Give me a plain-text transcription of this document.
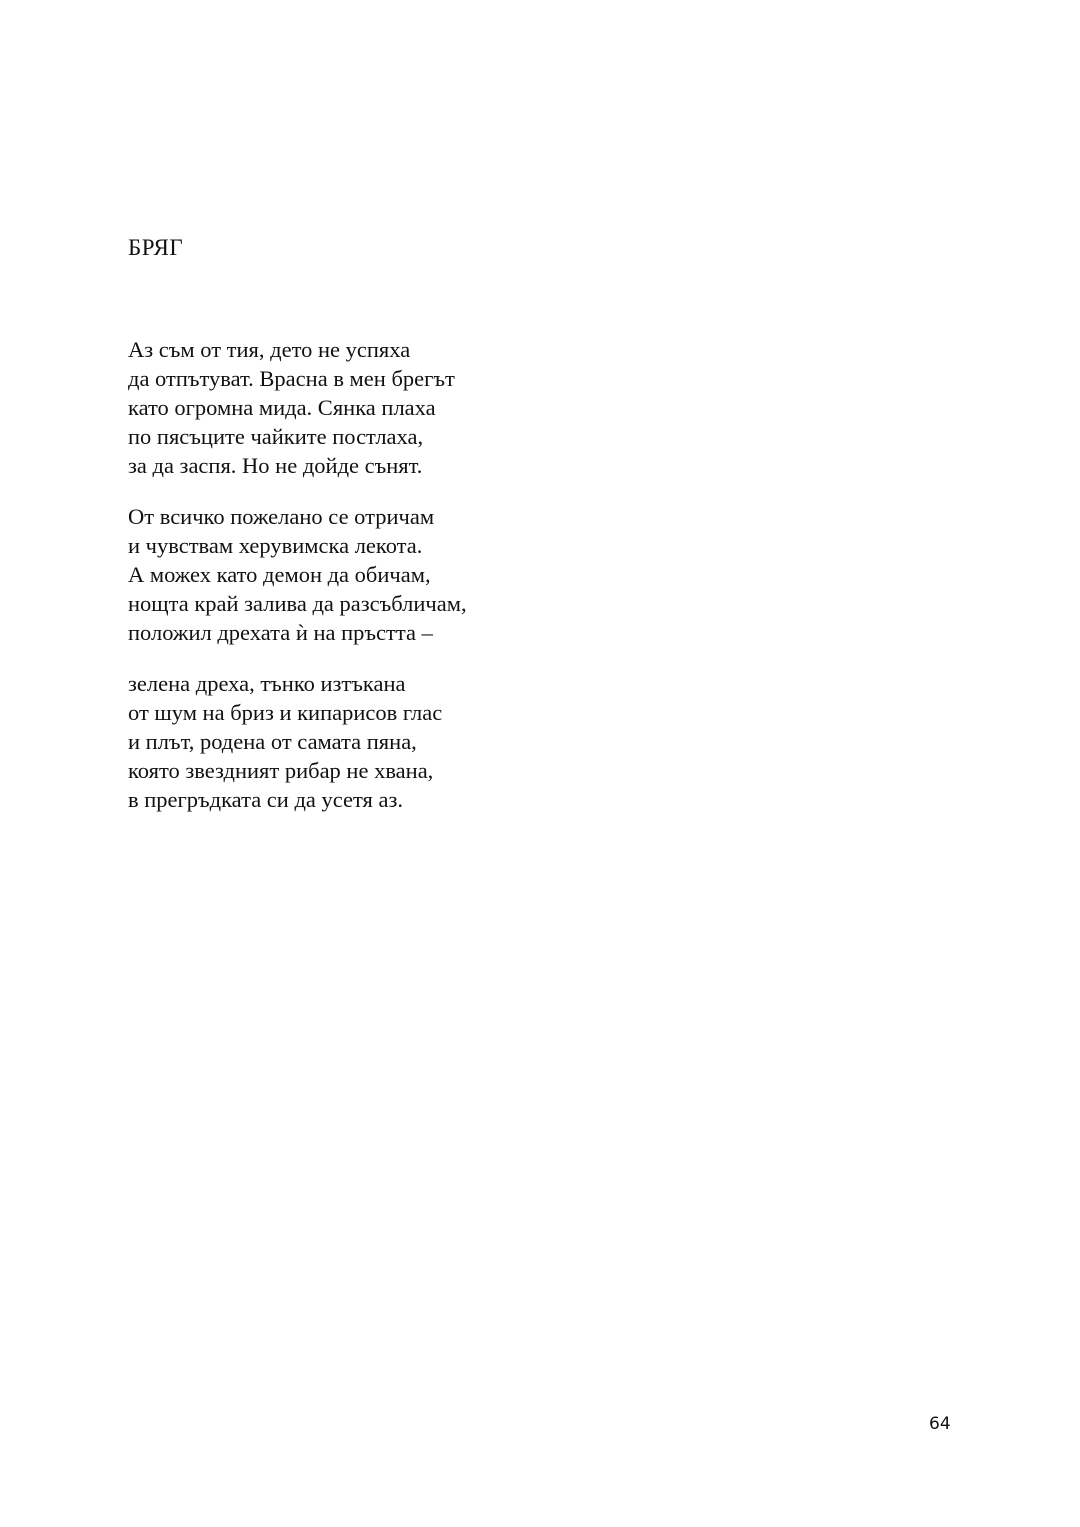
БРЯГ
Аз съм от тия, дето не успяха
да отпътуват. Врасна в мен брегът
като огромна мида. Сянка плаха
по пясъците чайките постлаха,
за да заспя. Но не дойде сънят.
От всичко пожелано се отричам
и чувствам херувимска лекота.
А можех като демон да обичам,
нощта край залива да разсъбличам,
положил дрехата ѝ на пръстта –
зелена дреха, тънко изтъкана
от шум на бриз и кипарисов глас
и плът, родена от самата пяна,
която звездният рибар не хвана,
в прегръдката си да усетя аз.
64
